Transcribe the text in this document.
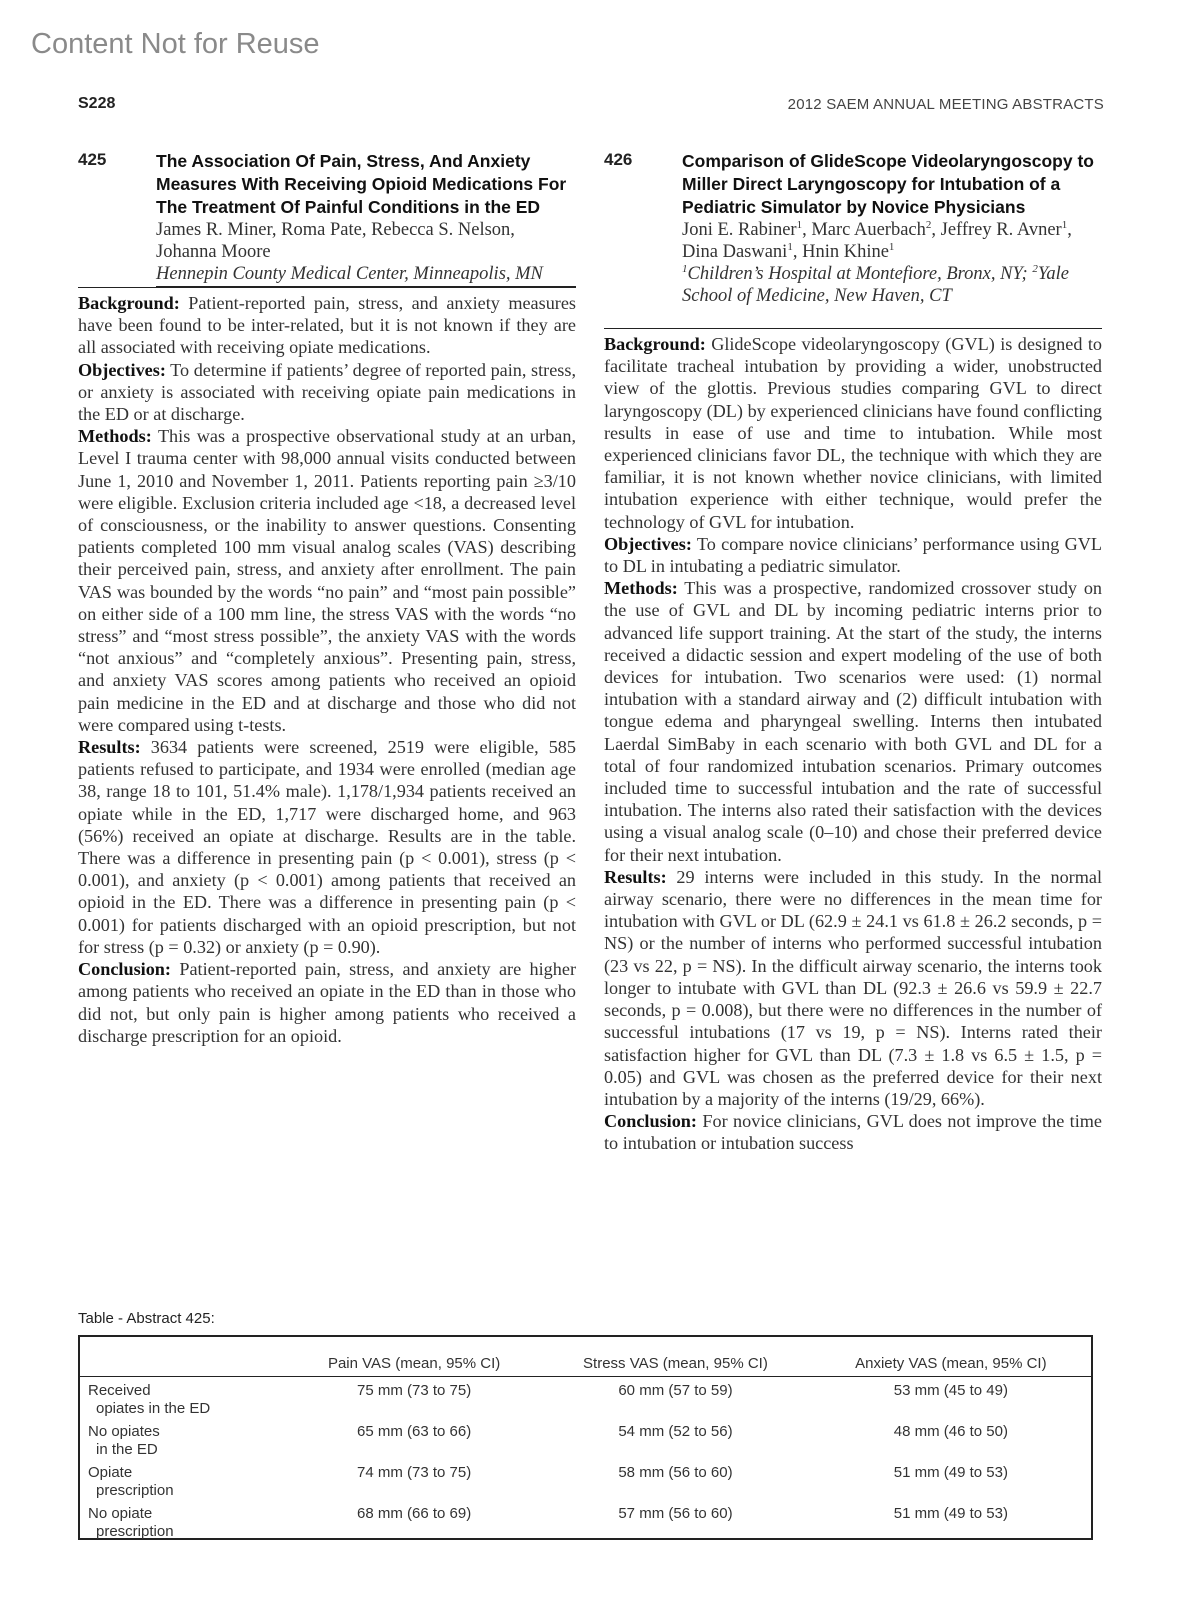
Content Not for Reuse
S228	2012 SAEM ANNUAL MEETING ABSTRACTS
425	The Association Of Pain, Stress, And Anxiety Measures With Receiving Opioid Medications For The Treatment Of Painful Conditions in the ED
James R. Miner, Roma Pate, Rebecca S. Nelson, Johanna Moore
Hennepin County Medical Center, Minneapolis, MN

Background: Patient-reported pain, stress, and anxiety measures have been found to be inter-related, but it is not known if they are all associated with receiving opiate medications.

Objectives: To determine if patients’ degree of reported pain, stress, or anxiety is associated with receiving opiate pain medications in the ED or at discharge.

Methods: This was a prospective observational study at an urban, Level I trauma center with 98,000 annual visits conducted between June 1, 2010 and November 1, 2011. Patients reporting pain ≥3/10 were eligible. Exclusion criteria included age <18, a decreased level of consciousness, or the inability to answer questions. Consenting patients completed 100 mm visual analog scales (VAS) describing their perceived pain, stress, and anxiety after enrollment. The pain VAS was bounded by the words “no pain” and “most pain possible” on either side of a 100 mm line, the stress VAS with the words “no stress” and “most stress possible”, the anxiety VAS with the words “not anxious” and “completely anxious”. Presenting pain, stress, and anxiety VAS scores among patients who received an opioid pain medicine in the ED and at discharge and those who did not were compared using t-tests.

Results: 3634 patients were screened, 2519 were eligible, 585 patients refused to participate, and 1934 were enrolled (median age 38, range 18 to 101, 51.4% male). 1,178/1,934 patients received an opiate while in the ED, 1,717 were discharged home, and 963 (56%) received an opiate at discharge. Results are in the table. There was a difference in presenting pain (p < 0.001), stress (p < 0.001), and anxiety (p < 0.001) among patients that received an opioid in the ED. There was a difference in presenting pain (p < 0.001) for patients discharged with an opioid prescription, but not for stress (p = 0.32) or anxiety (p = 0.90).

Conclusion: Patient-reported pain, stress, and anxiety are higher among patients who received an opiate in the ED than in those who did not, but only pain is higher among patients who received a discharge prescription for an opioid.

426	Comparison of GlideScope Videolaryngoscopy to Miller Direct Laryngoscopy for Intubation of a Pediatric Simulator by Novice Physicians
Joni E. Rabiner$^1$, Marc Auerbach$^2$, Jeffrey R. Avner$^1$, Dina Daswani$^1$, Hnin Khine$^1$
$^1$Children’s Hospital at Montefiore, Bronx, NY; $^2$Yale School of Medicine, New Haven, CT

Background: GlideScope videolaryngoscopy (GVL) is designed to facilitate tracheal intubation by providing a wider, unobstructed view of the glottis. Previous studies comparing GVL to direct laryngoscopy (DL) by experienced clinicians have found conflicting results in ease of use and time to intubation. While most experienced clinicians favor DL, the technique with which they are familiar, it is not known whether novice clinicians, with limited intubation experience with either technique, would prefer the technology of GVL for intubation.

Objectives: To compare novice clinicians’ performance using GVL to DL in intubating a pediatric simulator.

Methods: This was a prospective, randomized crossover study on the use of GVL and DL by incoming pediatric interns prior to advanced life support training. At the start of the study, the interns received a didactic session and expert modeling of the use of both devices for intubation. Two scenarios were used: (1) normal intubation with a standard airway and (2) difficult intubation with tongue edema and pharyngeal swelling. Interns then intubated Laerdal SimBaby in each scenario with both GVL and DL for a total of four randomized intubation scenarios. Primary outcomes included time to successful intubation and the rate of successful intubation. The interns also rated their satisfaction with the devices using a visual analog scale (0–10) and chose their preferred device for their next intubation.

Results: 29 interns were included in this study. In the normal airway scenario, there were no differences in the mean time for intubation with GVL or DL (62.9 ± 24.1 vs 61.8 ± 26.2 seconds, p = NS) or the number of interns who performed successful intubation (23 vs 22, p = NS). In the difficult airway scenario, the interns took longer to intubate with GVL than DL (92.3 ± 26.6 vs 59.9 ± 22.7 seconds, p = 0.008), but there were no differences in the number of successful intubations (17 vs 19, p = NS). Interns rated their satisfaction higher for GVL than DL (7.3 ± 1.8 vs 6.5 ± 1.5, p = 0.05) and GVL was chosen as the preferred device for their next intubation by a majority of the interns (19/29, 66%).

Conclusion: For novice clinicians, GVL does not improve the time to intubation or intubation success

Table - Abstract 425:
	Pain VAS (mean, 95% CI)	Stress VAS (mean, 95% CI)	Anxiety VAS (mean, 95% CI)

Received
opiates in the ED	75 mm (73 to 75)	60 mm (57 to 59)	53 mm (45 to 49)

No opiates
in the ED	65 mm (63 to 66)	54 mm (52 to 56)	48 mm (46 to 50)

Opiate
prescription	74 mm (73 to 75)	58 mm (56 to 60)	51 mm (49 to 53)

No opiate
prescription	68 mm (66 to 69)	57 mm (56 to 60)	51 mm (49 to 53)
